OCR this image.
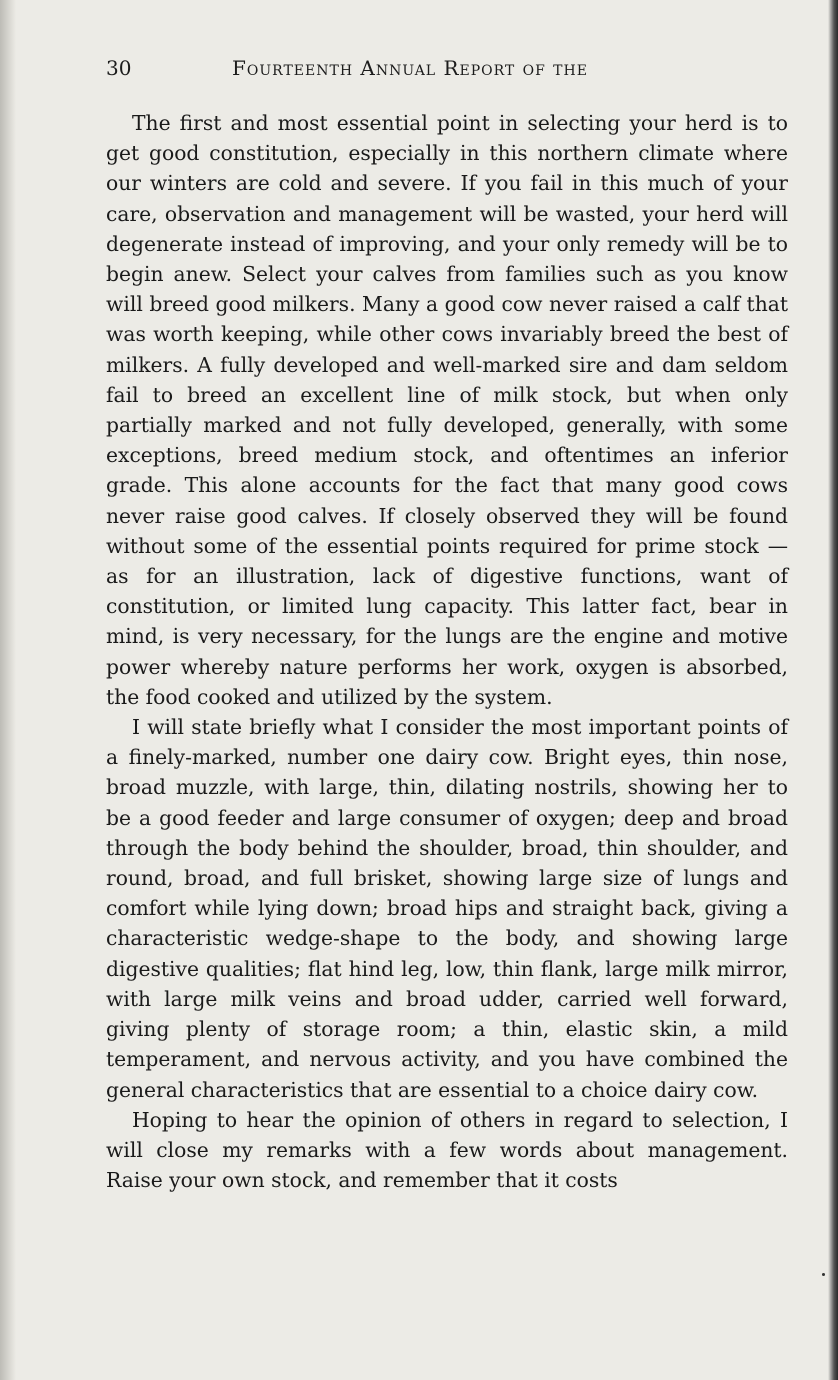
30	Fourteenth Annual Report of the

The first and most essential point in selecting your herd is to get good constitution, especially in this northern climate where our winters are cold and severe. If you fail in this much of your care, observation and management will be wasted, your herd will degenerate instead of improving, and your only remedy will be to begin anew. Select your calves from families such as you know will breed good milkers. Many a good cow never raised a calf that was worth keeping, while other cows invariably breed the best of milkers. A fully developed and well-marked sire and dam seldom fail to breed an excellent line of milk stock, but when only partially marked and not fully developed, generally, with some exceptions, breed medium stock, and oftentimes an inferior grade. This alone accounts for the fact that many good cows never raise good calves. If closely observed they will be found without some of the essential points required for prime stock — as for an illustration, lack of digestive functions, want of constitution, or limited lung capacity. This latter fact, bear in mind, is very necessary, for the lungs are the engine and motive power whereby nature performs her work, oxygen is absorbed, the food cooked and utilized by the system.

I will state briefly what I consider the most important points of a finely-marked, number one dairy cow. Bright eyes, thin nose, broad muzzle, with large, thin, dilating nostrils, showing her to be a good feeder and large consumer of oxygen; deep and broad through the body behind the shoulder, broad, thin shoulder, and round, broad, and full brisket, showing large size of lungs and comfort while lying down; broad hips and straight back, giving a characteristic wedge-shape to the body, and showing large digestive qualities; flat hind leg, low, thin flank, large milk mirror, with large milk veins and broad udder, carried well forward, giving plenty of storage room; a thin, elastic skin, a mild temperament, and nervous activity, and you have combined the general characteristics that are essential to a choice dairy cow.

Hoping to hear the opinion of others in regard to selection, I will close my remarks with a few words about management. Raise your own stock, and remember that it costs
